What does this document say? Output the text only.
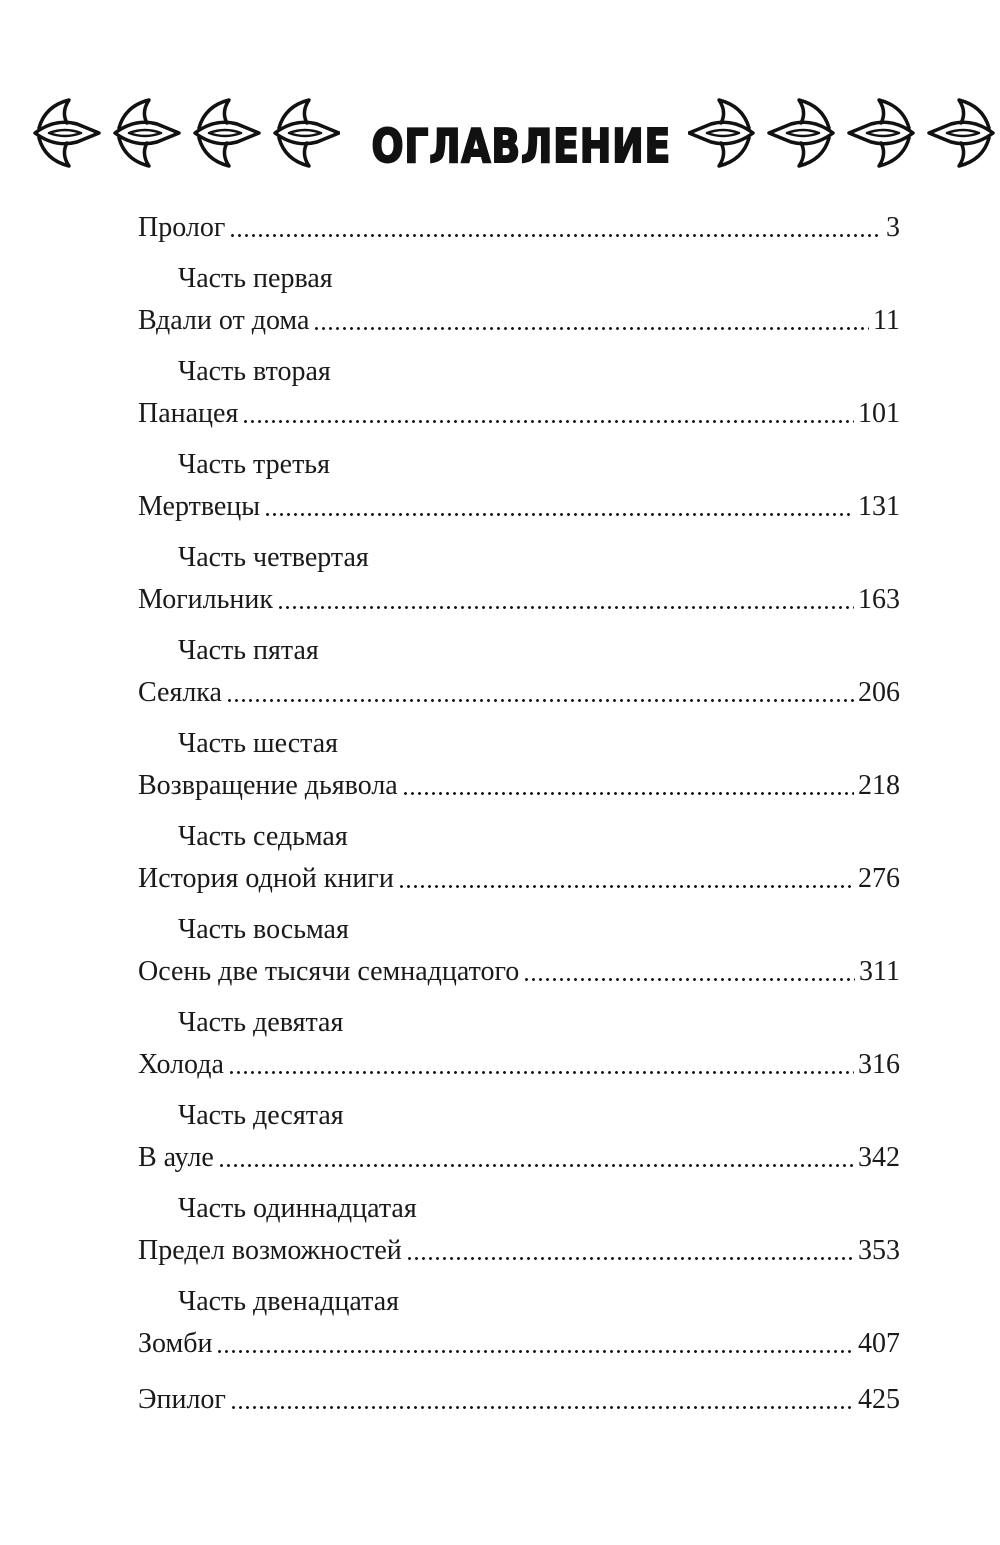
ОГЛАВЛЕНИЕ
Пролог	3
Часть первая
Вдали от дома	11
Часть вторая
Панацея	101
Часть третья
Мертвецы	131
Часть четвертая
Могильник	163
Часть пятая
Сеялка	206
Часть шестая
Возвращение дьявола	218
Часть седьмая
История одной книги	276
Часть восьмая
Осень две тысячи семнадцатого	311
Часть девятая
Холода	316
Часть десятая
В ауле	342
Часть одиннадцатая
Предел возможностей	353
Часть двенадцатая
Зомби	407
Эпилог	425
